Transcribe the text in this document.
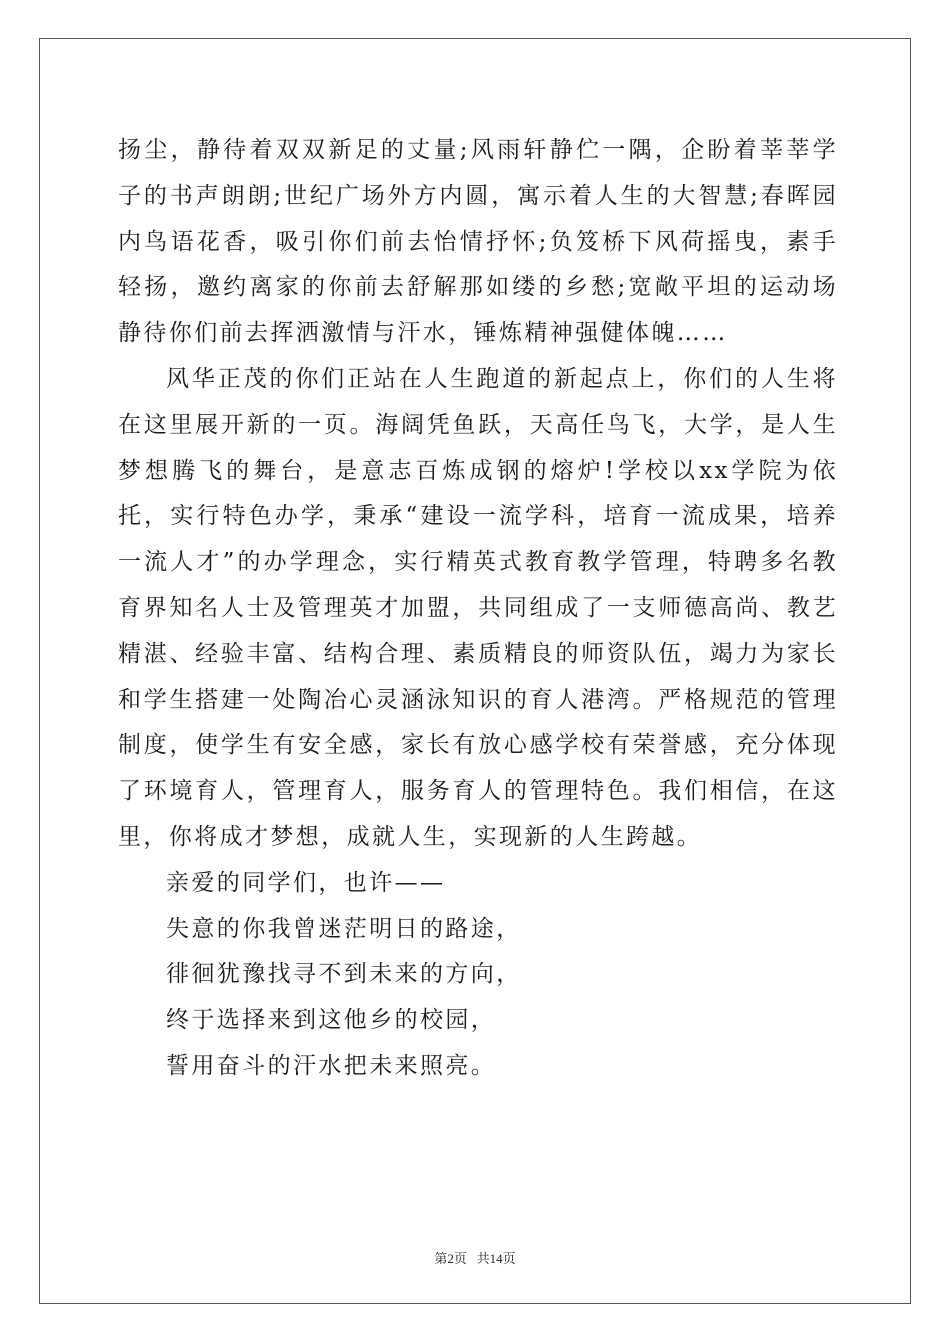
扬尘，静待着双双新足的丈量;风雨轩静伫一隅，企盼着莘莘学子的书声朗朗;世纪广场外方内圆，寓示着人生的大智慧;春晖园内鸟语花香，吸引你们前去怡情抒怀;负笈桥下风荷摇曳，素手轻扬，邀约离家的你前去舒解那如缕的乡愁;宽敞平坦的运动场静待你们前去挥洒激情与汗水，锤炼精神强健体魄……

风华正茂的你们正站在人生跑道的新起点上，你们的人生将在这里展开新的一页。海阔凭鱼跃，天高任鸟飞，大学，是人生梦想腾飞的舞台，是意志百炼成钢的熔炉!学校以xx学院为依托，实行特色办学，秉承“建设一流学科，培育一流成果，培养一流人才”的办学理念，实行精英式教育教学管理，特聘多名教育界知名人士及管理英才加盟，共同组成了一支师德高尚、教艺精湛、经验丰富、结构合理、素质精良的师资队伍，竭力为家长和学生搭建一处陶冶心灵涵泳知识的育人港湾。严格规范的管理制度，使学生有安全感，家长有放心感学校有荣誉感，充分体现了环境育人，管理育人，服务育人的管理特色。我们相信，在这里，你将成才梦想，成就人生，实现新的人生跨越。

亲爱的同学们，也许——

失意的你我曾迷茫明日的路途，

徘徊犹豫找寻不到未来的方向，

终于选择来到这他乡的校园，

誓用奋斗的汗水把未来照亮。

第2页 共14页
